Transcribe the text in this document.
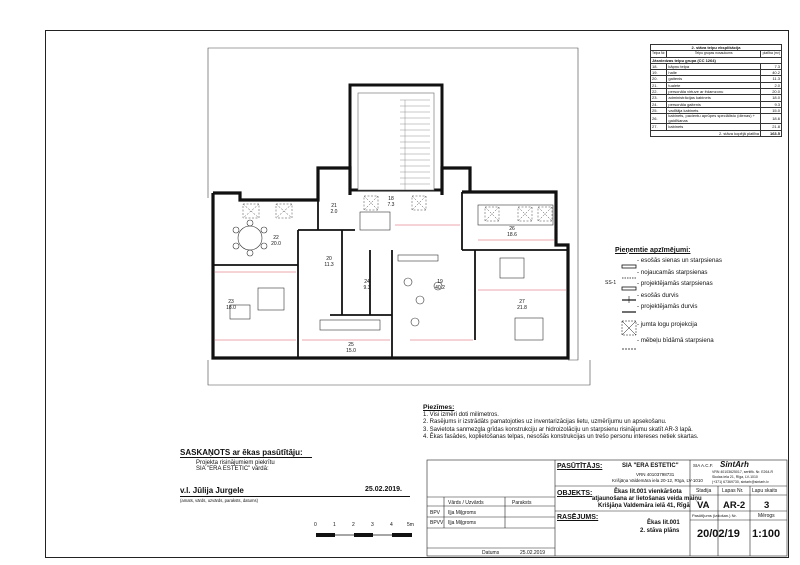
18
7.3
19
40.2
20
11.3
21
2.0
22
20.0
23
18.0
24
9.3
25
15.0
26
18.6
27
21.8
2. stāva telpu eksplikācija		
Telpa Nr.	Telpu grupas nosaukums	platība (m²)
Jāsniedzas telpu grupa (CC 1264)		
18.	kāpņu telpa	7.3
19.	halle	40.2
20.	gaitenis	11.3
21.	tualete	2.0
22.	personāla virtuve ar ēdamzonu	20.0
23.	administrācijas kabinets	18.0
24.	personāla gaitenis	9.3
25.	vadītāja kabinets	15.0
26.	kabinets, pacientu aprūpes speciālistu (dienas) + gaidīšanas	18.6
27.	kabinets	21.8
2. stāva kopējā platība		163.5
Pieņemtie apzīmējumi:
- esošās sienas un starpsienas
- nojaucamās starpsienas
SS-1	- projektējamās starpsienas
- esošās durvis
- projektējamās durvis
- jumta logu projekcija
- mēbeļu bīdāmā starpsiena
Piezīmes:
1. Visi izmēri doti milimetros.
2. Rasējums ir izstrādāts pamatojoties uz inventarizācijas lietu, uzmērījumu un apsekošanu.
3. Savietota sanmezgla grīdas konstrukciju ar hidroizolāciju un starpsienu risinājumu skatīt AR-3 lapā.
4. Ēkas fasādes, koplietošanas telpas, nesošās konstrukcijas un trešo personu intereses netiek skartas.
SASKAŅOTS ar ēkas pasūtītāju:
Projekta risinājumiem piekrītu
SIA "ERA ESTETIC" vārdā:
v.l. Jūlija Jurgele	25.02.2019.
(amats, vārds, uzvārds, paraksts, datums)
0	1	2	3	4	5m
Vārds / Uzvārds	Paraksts
BPV Iļja Miļgroms
BPVV Iļja Miļgroms
Datums	25.02.2019
PASŪTĪTĀJS:	SIA "ERA ESTETIC"
VRN 40103798731
Krišjāņa Valdemāra iela 20-12, Rīga, LV-1010
SIA A.C.F. SintArh
VRN 40103625017, sertifik. Nr. E264-R
Skolas iela 21, Rīga, LV-1010
(+371) 67369730, sintarh@sintarh.lv
OBJEKTS:	Ēkas lit.001 vienkāršota
atjaunošana ar lietošanas veida maiņu
Krišjāņa Valdemāra ielā 41, Rīgā
RASĒJUMS:
Ēkas lit.001
2. stāva plāns
Stadija Lapas Nr. Lapu skaits
VA AR-2 3
Pasūtījums (izdošan.) Nr.	Mērogs
20/02/19 1:100
